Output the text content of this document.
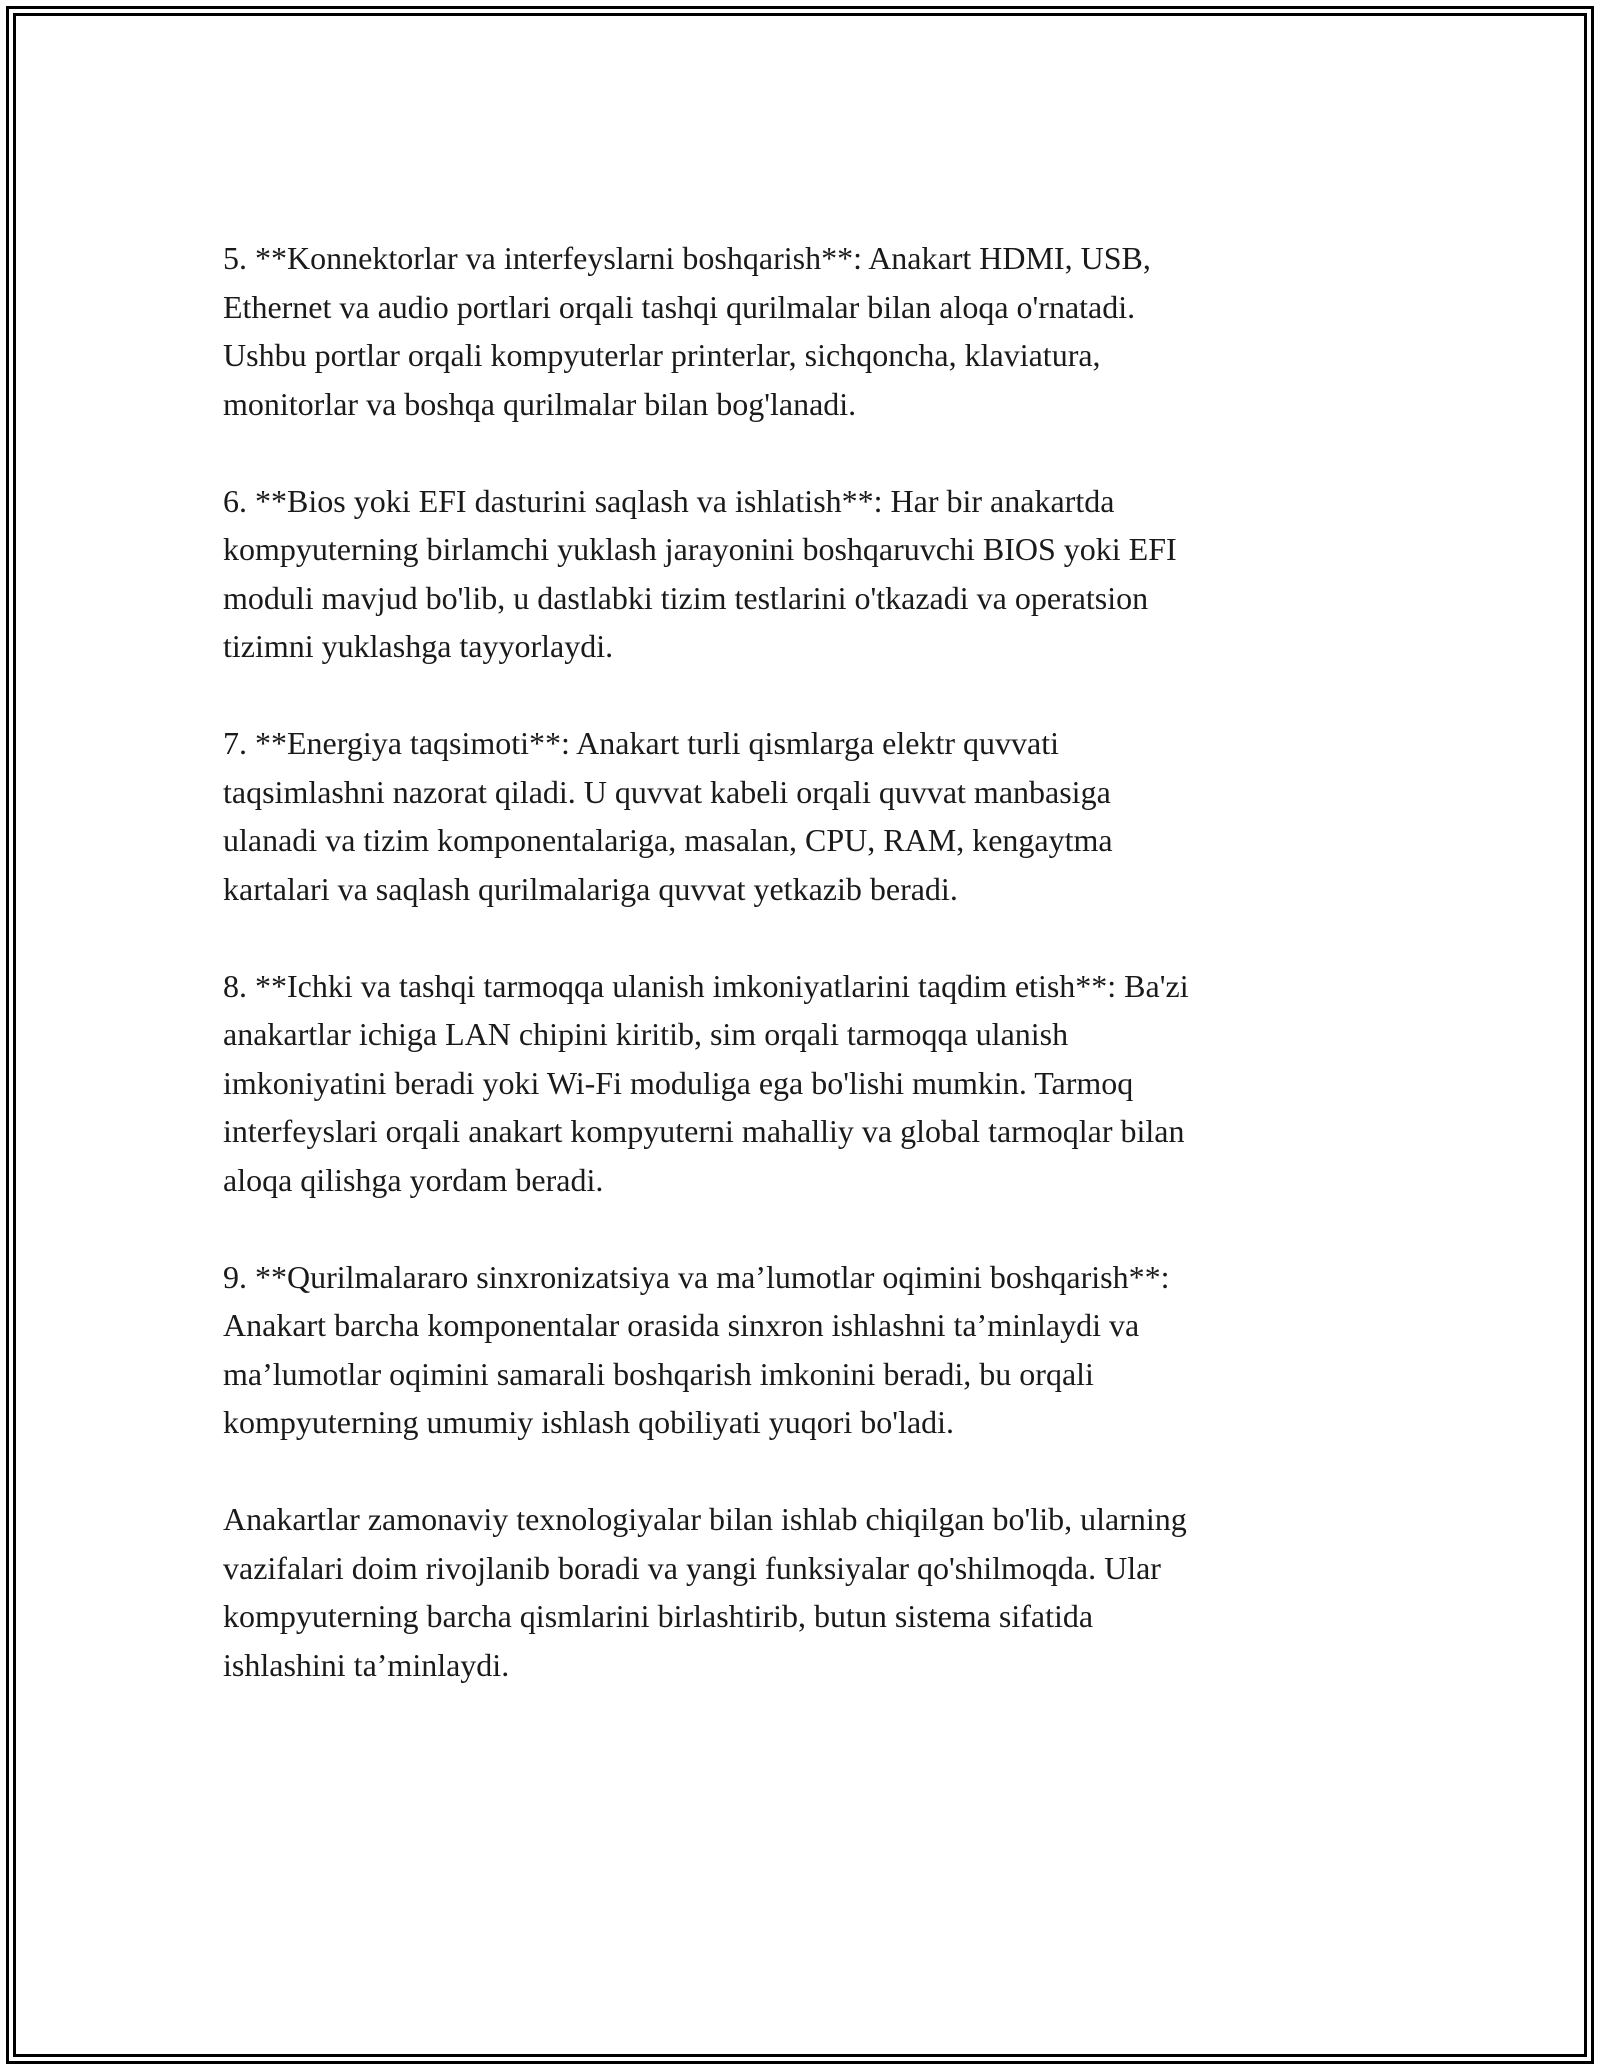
5. **Konnektorlar va interfeyslarni boshqarish**: Anakart HDMI, USB,
Ethernet va audio portlari orqali tashqi qurilmalar bilan aloqa o'rnatadi.
Ushbu portlar orqali kompyuterlar printerlar, sichqoncha, klaviatura,
monitorlar va boshqa qurilmalar bilan bog'lanadi.

6. **Bios yoki EFI dasturini saqlash va ishlatish**: Har bir anakartda
kompyuterning birlamchi yuklash jarayonini boshqaruvchi BIOS yoki EFI
moduli mavjud bo'lib, u dastlabki tizim testlarini o'tkazadi va operatsion
tizimni yuklashga tayyorlaydi.

7. **Energiya taqsimoti**: Anakart turli qismlarga elektr quvvati
taqsimlashni nazorat qiladi. U quvvat kabeli orqali quvvat manbasiga
ulanadi va tizim komponentalariga, masalan, CPU, RAM, kengaytma
kartalari va saqlash qurilmalariga quvvat yetkazib beradi.

8. **Ichki va tashqi tarmoqqa ulanish imkoniyatlarini taqdim etish**: Ba'zi
anakartlar ichiga LAN chipini kiritib, sim orqali tarmoqqa ulanish
imkoniyatini beradi yoki Wi-Fi moduliga ega bo'lishi mumkin. Tarmoq
interfeyslari orqali anakart kompyuterni mahalliy va global tarmoqlar bilan
aloqa qilishga yordam beradi.

9. **Qurilmalararo sinxronizatsiya va ma’lumotlar oqimini boshqarish**:
Anakart barcha komponentalar orasida sinxron ishlashni ta’minlaydi va
ma’lumotlar oqimini samarali boshqarish imkonini beradi, bu orqali
kompyuterning umumiy ishlash qobiliyati yuqori bo'ladi.

Anakartlar zamonaviy texnologiyalar bilan ishlab chiqilgan bo'lib, ularning
vazifalari doim rivojlanib boradi va yangi funksiyalar qo'shilmoqda. Ular
kompyuterning barcha qismlarini birlashtirib, butun sistema sifatida
ishlashini ta’minlaydi.
